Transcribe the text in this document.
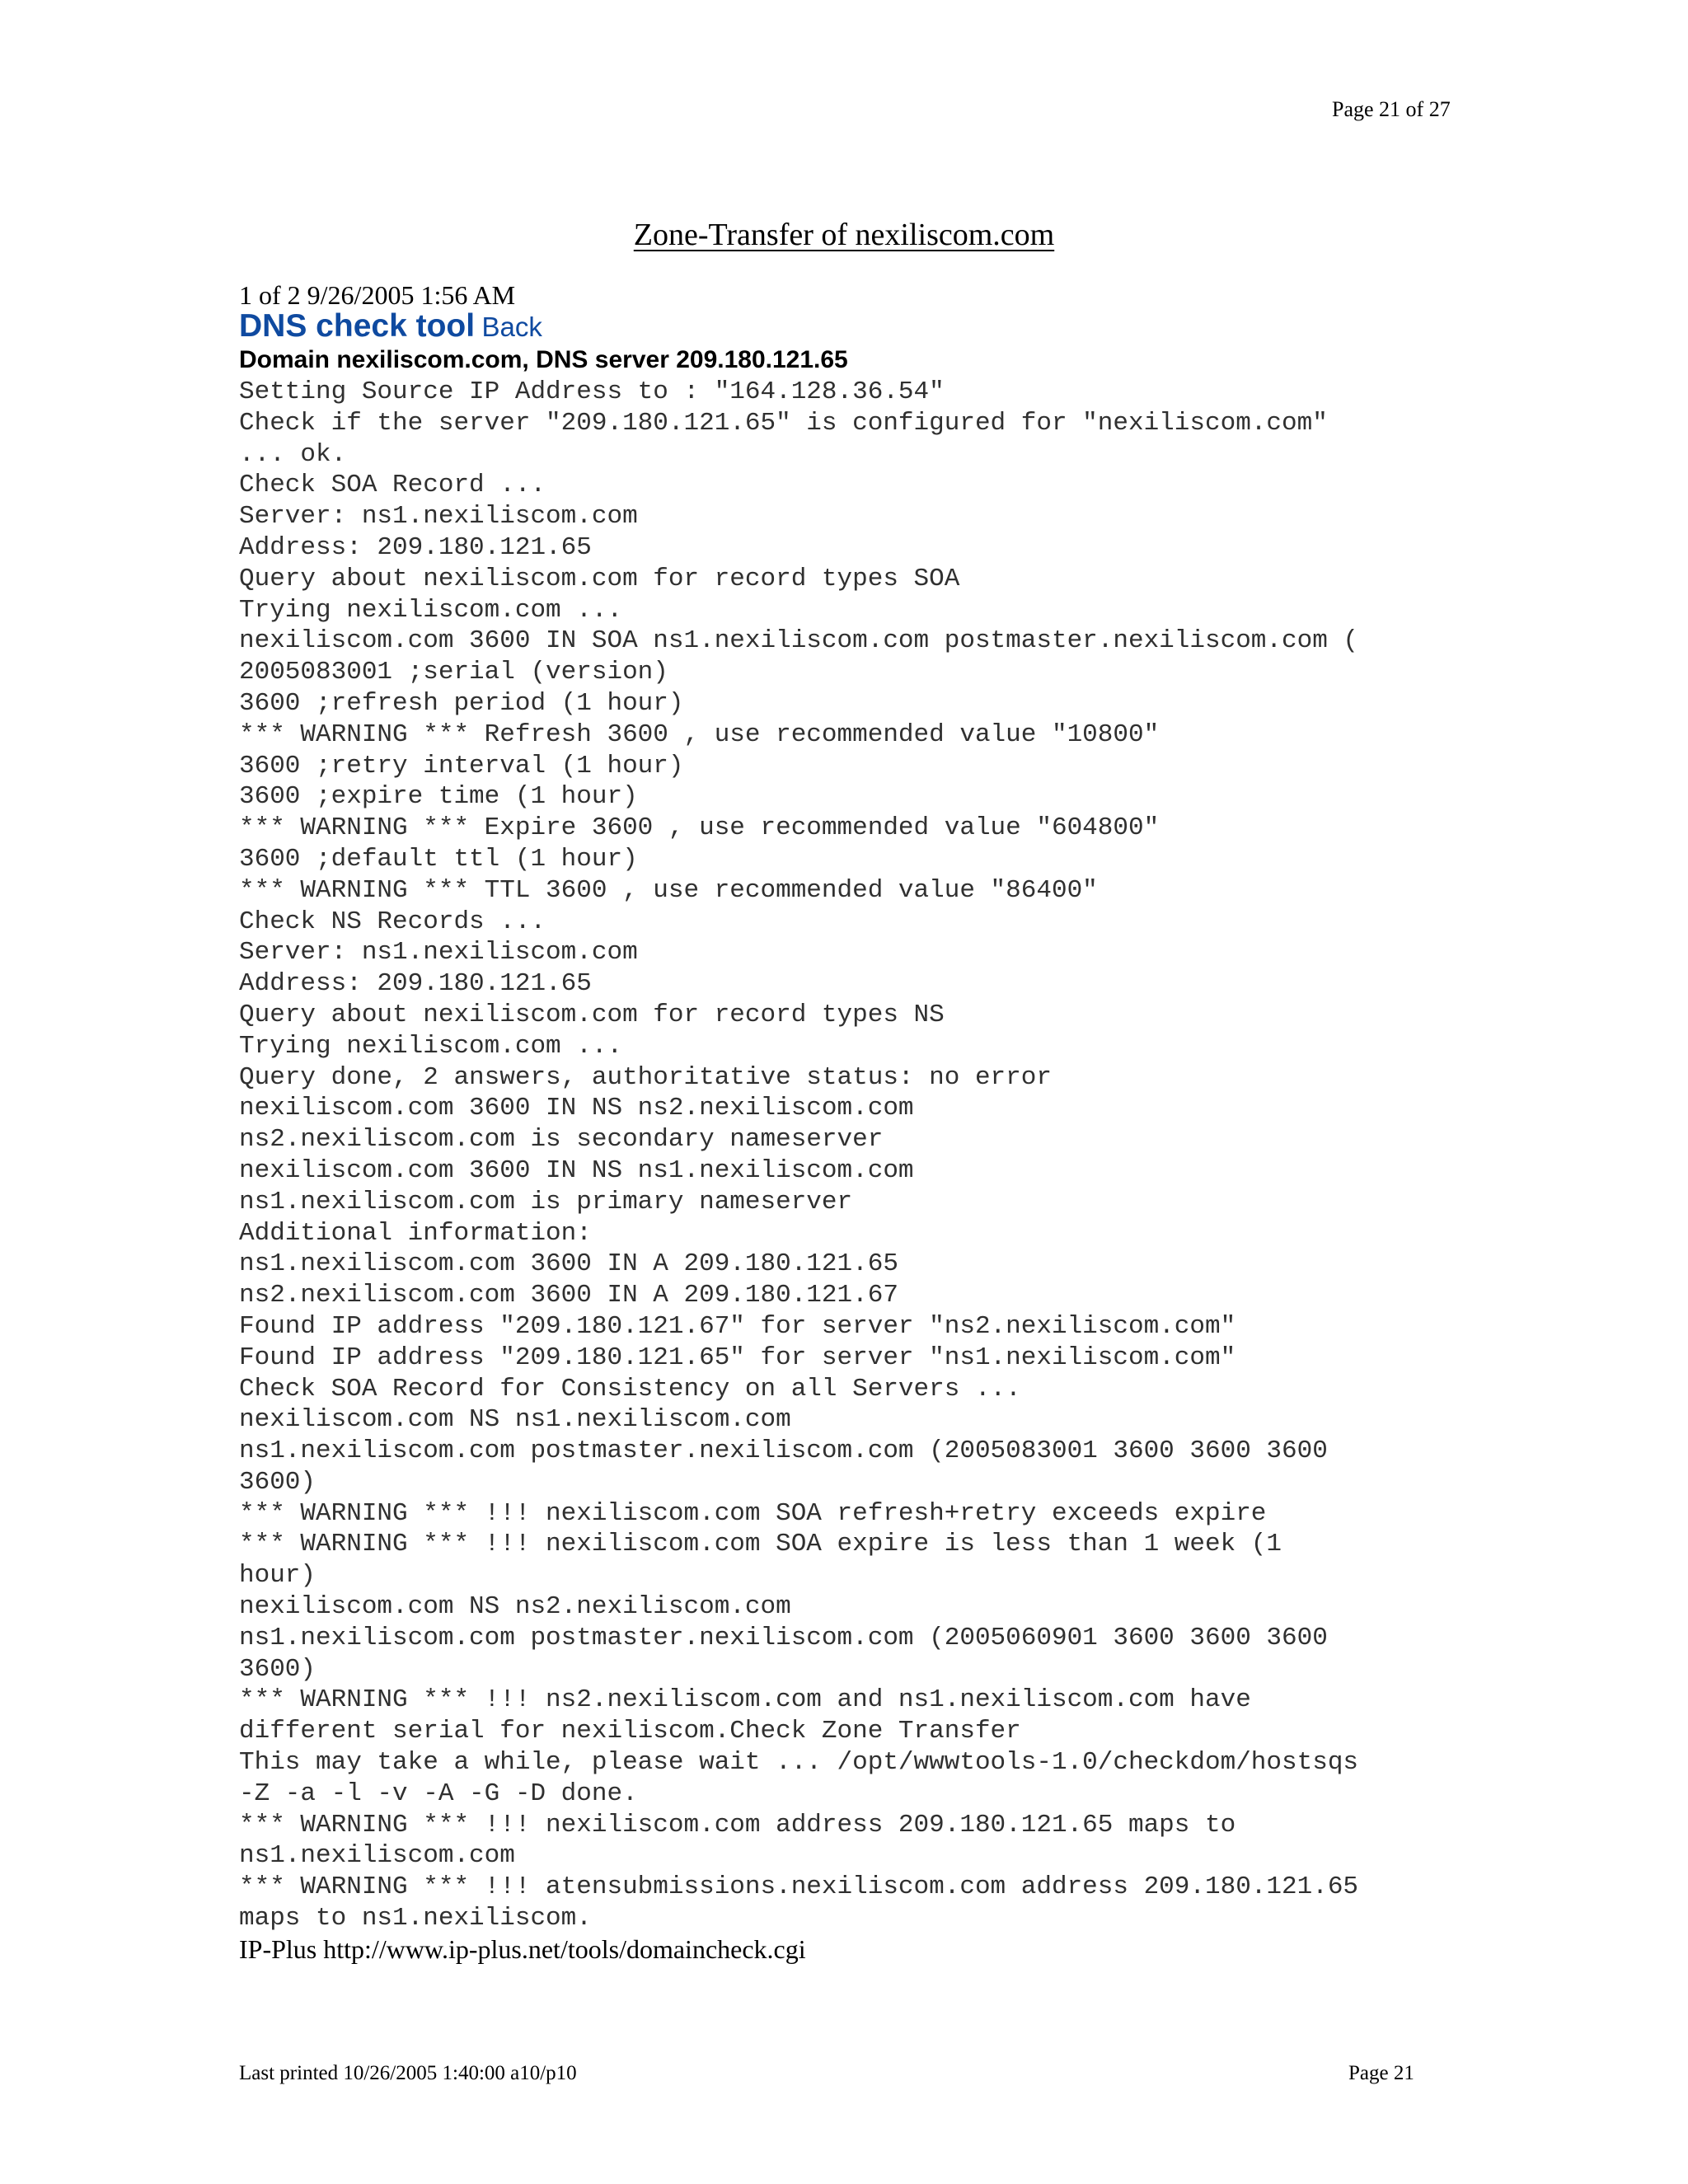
Page 21 of 27
Zone-Transfer of nexiliscom.com
1 of 2 9/26/2005 1:56 AM
DNS check tool Back
Domain nexiliscom.com, DNS server 209.180.121.65
Setting Source IP Address to : "164.128.36.54"
Check if the server "209.180.121.65" is configured for "nexiliscom.com"
... ok.
Check SOA Record ...
Server: ns1.nexiliscom.com
Address: 209.180.121.65
Query about nexiliscom.com for record types SOA
Trying nexiliscom.com ...
nexiliscom.com 3600 IN SOA ns1.nexiliscom.com postmaster.nexiliscom.com (
2005083001 ;serial (version)
3600 ;refresh period (1 hour)
*** WARNING *** Refresh 3600 , use recommended value "10800"
3600 ;retry interval (1 hour)
3600 ;expire time (1 hour)
*** WARNING *** Expire 3600 , use recommended value "604800"
3600 ;default ttl (1 hour)
*** WARNING *** TTL 3600 , use recommended value "86400"
Check NS Records ...
Server: ns1.nexiliscom.com
Address: 209.180.121.65
Query about nexiliscom.com for record types NS
Trying nexiliscom.com ...
Query done, 2 answers, authoritative status: no error
nexiliscom.com 3600 IN NS ns2.nexiliscom.com
ns2.nexiliscom.com is secondary nameserver
nexiliscom.com 3600 IN NS ns1.nexiliscom.com
ns1.nexiliscom.com is primary nameserver
Additional information:
ns1.nexiliscom.com 3600 IN A 209.180.121.65
ns2.nexiliscom.com 3600 IN A 209.180.121.67
Found IP address "209.180.121.67" for server "ns2.nexiliscom.com"
Found IP address "209.180.121.65" for server "ns1.nexiliscom.com"
Check SOA Record for Consistency on all Servers ...
nexiliscom.com NS ns1.nexiliscom.com
ns1.nexiliscom.com postmaster.nexiliscom.com (2005083001 3600 3600 3600
3600)
*** WARNING *** !!! nexiliscom.com SOA refresh+retry exceeds expire
*** WARNING *** !!! nexiliscom.com SOA expire is less than 1 week (1
hour)
nexiliscom.com NS ns2.nexiliscom.com
ns1.nexiliscom.com postmaster.nexiliscom.com (2005060901 3600 3600 3600
3600)
*** WARNING *** !!! ns2.nexiliscom.com and ns1.nexiliscom.com have
different serial for nexiliscom.Check Zone Transfer
This may take a while, please wait ... /opt/wwwtools-1.0/checkdom/hostsqs
-Z -a -l -v -A -G -D done.
*** WARNING *** !!! nexiliscom.com address 209.180.121.65 maps to
ns1.nexiliscom.com
*** WARNING *** !!! atensubmissions.nexiliscom.com address 209.180.121.65
maps to ns1.nexiliscom.
IP-Plus http://www.ip-plus.net/tools/domaincheck.cgi
Last printed 10/26/2005 1:40:00 a10/p10	Page 21
